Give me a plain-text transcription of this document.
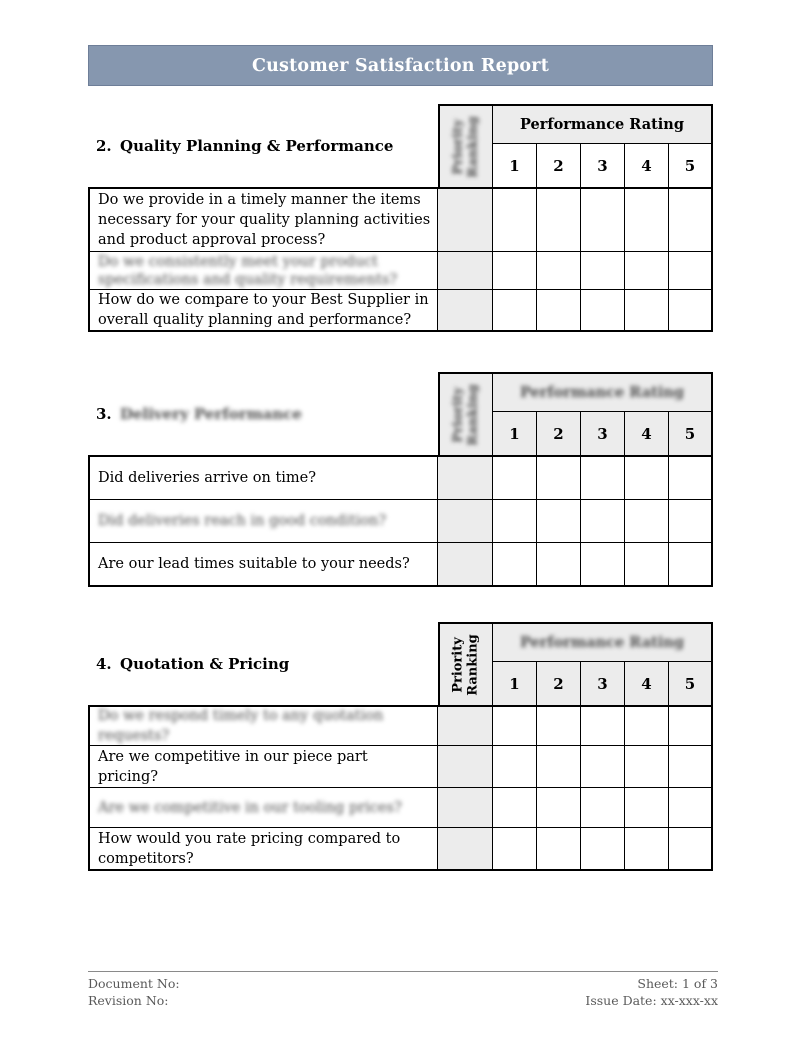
Customer Satisfaction Report
2. Quality Planning & Performance	Priority Ranking	Performance Rating
1	2	3	4	5
Do we provide in a timely manner the items necessary for your quality planning activities and product approval process?
Do we consistently meet your product specifications and quality requirements?
How do we compare to your Best Supplier in overall quality planning and performance?
3. Delivery Performance	Priority Ranking	Performance Rating
1	2	3	4	5
Did deliveries arrive on time?
Did deliveries reach in good condition?
Are our lead times suitable to your needs?
4. Quotation & Pricing	Priority Ranking	Performance Rating
1	2	3	4	5
Do we respond timely to any quotation requests?
Are we competitive in our piece part pricing?
Are we competitive in our tooling prices?
How would you rate pricing compared to competitors?
Document No:
Revision No:
Sheet: 1 of 3
Issue Date: xx-xxx-xx
